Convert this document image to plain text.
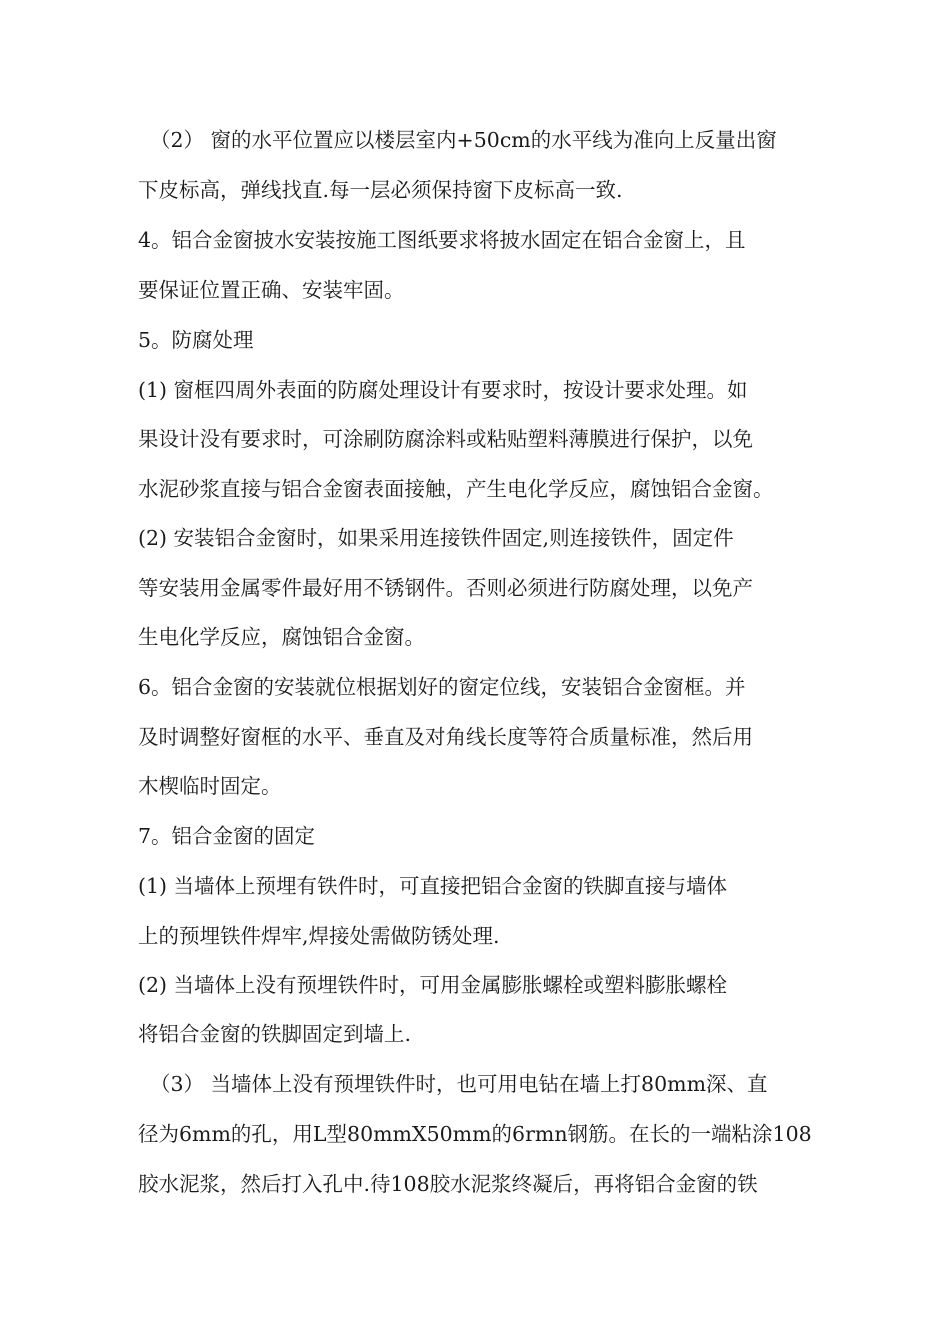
（2） 窗的水平位置应以楼层室内+50cm的水平线为准向上反量出窗
下皮标高，弹线找直.每一层必须保持窗下皮标高一致.
4。铝合金窗披水安装按施工图纸要求将披水固定在铝合金窗上，且
要保证位置正确、安装牢固。
5。防腐处理
(1) 窗框四周外表面的防腐处理设计有要求时，按设计要求处理。如
果设计没有要求时，可涂刷防腐涂料或粘贴塑料薄膜进行保护，以免
水泥砂浆直接与铝合金窗表面接触，产生电化学反应，腐蚀铝合金窗。
(2) 安装铝合金窗时，如果采用连接铁件固定,则连接铁件，固定件
等安装用金属零件最好用不锈钢件。否则必须进行防腐处理，以免产
生电化学反应，腐蚀铝合金窗。
6。铝合金窗的安装就位根据划好的窗定位线，安装铝合金窗框。并
及时调整好窗框的水平、垂直及对角线长度等符合质量标准，然后用
木楔临时固定。
7。铝合金窗的固定
(1) 当墙体上预埋有铁件时，可直接把铝合金窗的铁脚直接与墙体
上的预埋铁件焊牢,焊接处需做防锈处理.
(2) 当墙体上没有预埋铁件时，可用金属膨胀螺栓或塑料膨胀螺栓
将铝合金窗的铁脚固定到墙上.
（3） 当墙体上没有预埋铁件时，也可用电钻在墙上打80mm深、直
径为6mm的孔，用L型80mmX50mm的6rmn钢筋。在长的一端粘涂108
胶水泥浆，然后打入孔中.待108胶水泥浆终凝后，再将铝合金窗的铁
